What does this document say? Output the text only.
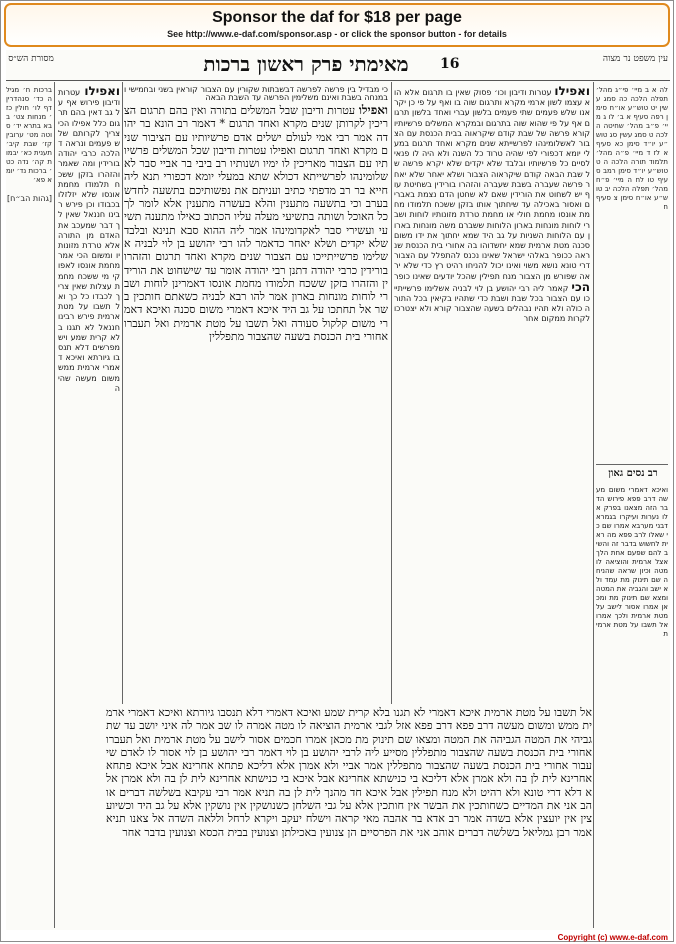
Sponsor the daf for $18 per page
See http://www.e-daf.com/sponsor.asp - or click the sponsor button - for details
מסורת הש״ס	מאימתי פרק ראשון ברכות	16	עין משפט נר מצוה
ברכות ח׳ מגילה כד׳ סנהדרין דף לו׳ חולין כז׳ מנחות צט׳ בבא בתרא יד׳ סוטה מט׳ ערובין קז׳ שבת קיב׳ תענית כא׳ יבמות קה׳ נדה כט׳ ברכות נד׳ יומא פא׳

[גהות הב״ח]
כי מבדיל בין פרשה לפרשה דבשבתות שקורין עם הצבור קוראין בשני ובחמישי ובמנחה בשבת ואינם משלימין הפרשה עד השבת הבאה
ואפילו עטרות ודיבון פירוש אף על גב דאין בהם תרגום כלל אפילו הכי צריך לקרותם שלש פעמים ונראה דהלכה כרבי יהודה בורידין ומה שאמר והזהרו בזקן ששכח תלמודו מחמת אונסו שלא יזלזלו בכבודו וכן פירש רבינו חננאל שאין לך דבר שמעכב את האדם מן התורה אלא טרדת מזונותיו ומשום הכי אמר מחמת אונסו לאפוקי מי ששכח מחמת עצלות שאין צריך לכבדו כל כך ואל תשבו על מטת ארמית פירש רבינו חננאל לא תגנו בלא קרית שמע ויש מפרשים דלא תנסבו גיורתא ואיכא דאמרי ארמית ממש משום מעשה שהיה
ואפילו עטרות ודיבון שבל המשלים בתורה ואין בהם תרגום הצריכין לקרותן שנים מקרא ואחד תרגום * דאמר רב הונא בר יהודה אמר רבי אמי לעולם ישלים אדם פרשיותיו עם הציבור שנים מקרא ואחד תרגום ואפילו עטרות ודיבון שכל המשלים פרשיותיו עם הצבור מאריכין לו ימיו ושנותיו רב ביבי בר אביי סבר לאשלומינהו לפרשייתא דכולא שתא במעלי יומא דכפורי תנא ליה חייא בר רב מדפתי כתיב ועניתם את נפשותיכם בתשעה לחדש בערב וכי בתשעה מתענין והלא בעשרה מתענין אלא לומר לך כל האוכל ושותה בתשיעי מעלה עליו הכתוב כאילו מתענה תשיעי ועשירי סבר לאקדומינהו אמר ליה ההוא סבא תנינא ובלבד שלא יקדים ושלא יאחר כדאמר להו רבי יהושע בן לוי לבניה אשלימו פרשייתייכו עם הצבור שנים מקרא ואחד תרגום והזהרו בורידין כרבי יהודה דתנן רבי יהודה אומר עד שישחוט את הורידין והזהרו בזקן ששכח תלמודו מחמת אונסו דאמרינן לוחות ושברי לוחות מונחות בארון אמר להו רבא לבניה כשאתם חותכין בשר אל תחתכו על גב היד איכא דאמרי משום סכנה ואיכא דאמרי משום קלקול סעודה ואל תשבו על מטת ארמית ואל תעברו אחורי בית הכנסת בשעה שהצבור מתפללין
ואפילו עטרות ודיבון וכו׳ פסוק שאין בו תרגום אלא הוא עצמו לשון ארמי מקרא ותרגום שוה בו ואף על פי כן יקראנו שלש פעמים שתי פעמים בלשון עברי ואחד בלשון תרגום אף על פי שהוא שוה בתרגום ובמקרא המשלים פרשיותיו קורא פרשה של שבת קודם שיקראוה בבית הכנסת עם הצבור לאשלומינהו לפרשייתא שנים מקרא ואחד תרגום במעלי יומא דכפורי לפי שהיה טרוד כל השנה ולא היה לו פנאי לסיים כל פרשיותיו ובלבד שלא יקדים שלא יקרא פרשה של שבת הבאה קודם שיקראוה הצבור ושלא יאחר שלא יאחר פרשה שעברה בשבת שעברה והזהרו בורידין בשחיטת עוף יש לשחוט את הורידין שאם לא שחטן הדם נצמת באברים ואסור באכילה עד שיחתוך אותו בזקן ששכח תלמודו מחמת אונסו מחמת חולי או מחמת טרדת מזונותיו לוחות ושברי לוחות מונחות בארון הלוחות ששברם משה מונחות בארון עם הלוחות השניות על גב היד שמא יחתוך את ידו משום סכנה מטת ארמית שמא יחשדוהו בה אחורי בית הכנסת שנראה ככופר באלהי ישראל שאינו נכנס להתפלל עם הצבור דרי טונא נושא משוי ואינו יכול להניחו רהיט רץ כדי שלא יראה שפורש מן הצבור מנח תפילין שהכל יודעים שאינו כופר הכי קאמר ליה רבי יהושע בן לוי לבניה אשלימו פרשייתייכו עם הצבור בכל שבת ושבת כדי שתהיו בקיאין בכל התורה כולה ולא תהיו נבהלים בשעה שהצבור קורא ולא יצטרכו לקרות ממקום אחר
לה א ב מיי׳ פי״ג מהל׳ תפלה הלכה כה סמג עשין יט טוש״ע או״ח סימן רפה סעיף א ב׳ לו ג מיי׳ פ״ב מהל׳ שחיטה הלכה ט סמג עשין סג טוש״ע יו״ד סימן כא סעיף א לז ד מיי׳ פ״ה מהל׳ תלמוד תורה הלכה ה ט טוש״ע יו״ד סימן רמב סעיף טו לח ה מיי׳ פ״ח מהל׳ תפלה הלכה יב טוש״ע או״ח סימן צ סעיף ח
רב נסים גאון
ואיכא דאמרי משום מעשה דרב פפא פירוש הדבר הזה מצאנו בפרק אלו נערות ועיקרו בגמרא דבני מערבא אמרו שם כי שאלו לרב פפא מה ראית לחשוש בדבר זה והשיב להם שפעם אחת הלך אצל ארמית והוציאה לו מטה וכיון שראה שהניחה שם תינוק מת עמד ולא ישב והגביה את המטה ומצא שם תינוק מת ומכאן אמרו אסור לישב על מטת ארמית ולכך אמרו אל תשבו על מטת ארמית
אל תשבו על מטת ארמית איכא דאמרי לא תגנו בלא קרית שמע ואיכא דאמרי דלא תנסבו גיורתא ואיכא דאמרי ארמית ממש ומשום מעשה דרב פפא דרב פפא אזל לגבי ארמית הוציאה לו מטה אמרה לו שב אמר לה איני יושב עד שתגביהי את המטה הגביהה את המטה ומצאו שם תינוק מת מכאן אמרו חכמים אסור לישב על מטת ארמית ואל תעברו אחורי בית הכנסת בשעה שהצבור מתפללין מסייע ליה לרבי יהושע בן לוי דאמר רבי יהושע בן לוי אסור לו לאדם שיעבור אחורי בית הכנסת בשעה שהצבור מתפללין אמר אביי ולא אמרן אלא דליכא פתחא אחרינא אבל איכא פתחא אחרינא לית לן בה ולא אמרן אלא דליכא בי כנישתא אחרינא אבל איכא בי כנישתא אחרינא לית לן בה ולא אמרן אלא דלא דרי טונא ולא רהיט ולא מנח תפילין אבל איכא חד מהנך לית לן בה תניא אמר רבי עקיבא בשלשה דברים אוהב אני את המדיים כשחותכין את הבשר אין חותכין אלא על גבי השלחן כשנושקין אין נושקין אלא על גב היד וכשיועצין אין יועצין אלא בשדה אמר רב אדא בר אהבה מאי קראה וישלח יעקב ויקרא לרחל וללאה השדה אל צאנו תניא אמר רבן גמליאל בשלשה דברים אוהב אני את הפרסיים הן צנועין באכילתן וצנועין בבית הכסא וצנועין בדבר אחר
Copyright (c) www.e-daf.com
